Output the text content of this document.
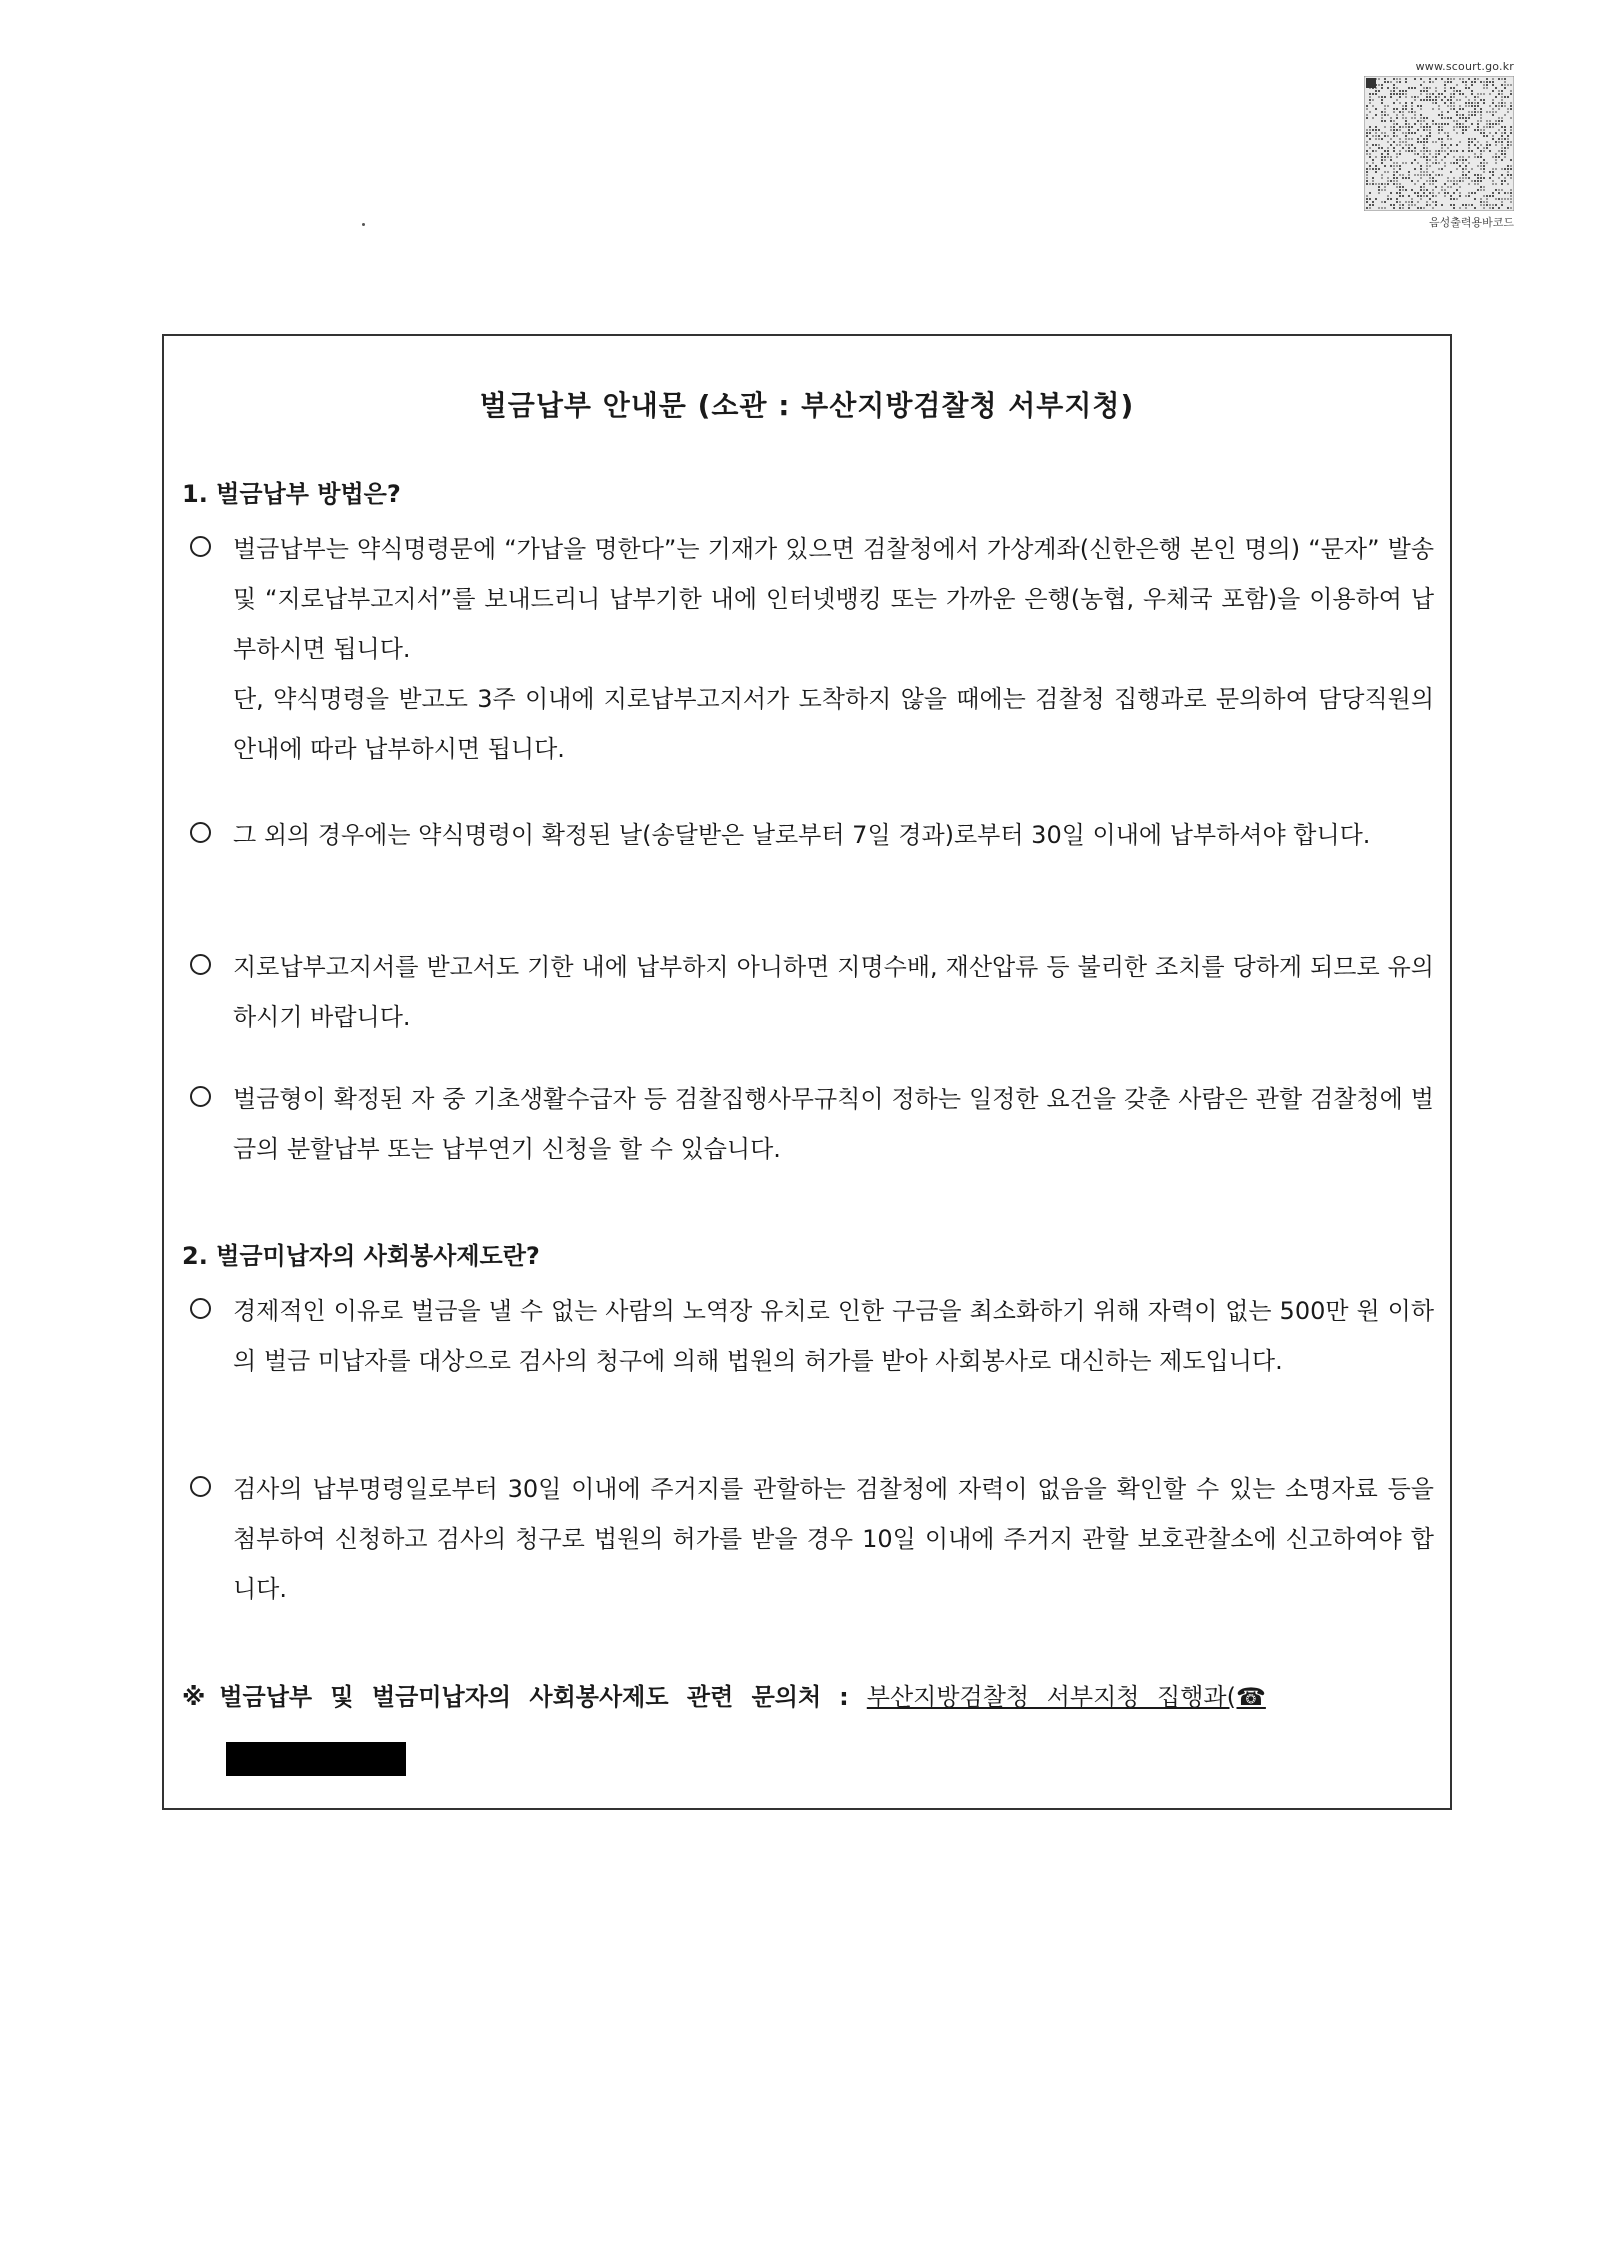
www.scourt.go.kr
음성출력용바코드
벌금납부 안내문 (소관 : 부산지방검찰청 서부지청)
1. 벌금납부 방법은?

벌금납부는 약식명령문에 “가납을 명한다”는 기재가 있으면 검찰청에서 가상계좌(신한은행 본인 명의) “문자” 발송 및 “지로납부고지서”를 보내드리니 납부기한 내에 인터넷뱅킹 또는 가까운 은행(농협, 우체국 포함)을 이용하여 납부하시면 됩니다.

단, 약식명령을 받고도 3주 이내에 지로납부고지서가 도착하지 않을 때에는 검찰청 집행과로 문의하여 담당직원의 안내에 따라 납부하시면 됩니다.

그 외의 경우에는 약식명령이 확정된 날(송달받은 날로부터 7일 경과)로부터 30일 이내에 납부하셔야 합니다.

지로납부고지서를 받고서도 기한 내에 납부하지 아니하면 지명수배, 재산압류 등 불리한 조치를 당하게 되므로 유의하시기 바랍니다.

벌금형이 확정된 자 중 기초생활수급자 등 검찰집행사무규칙이 정하는 일정한 요건을 갖춘 사람은 관할 검찰청에 벌금의 분할납부 또는 납부연기 신청을 할 수 있습니다.

2. 벌금미납자의 사회봉사제도란?

경제적인 이유로 벌금을 낼 수 없는 사람의 노역장 유치로 인한 구금을 최소화하기 위해 자력이 없는 500만 원 이하의 벌금 미납자를 대상으로 검사의 청구에 의해 법원의 허가를 받아 사회봉사로 대신하는 제도입니다.

검사의 납부명령일로부터 30일 이내에 주거지를 관할하는 검찰청에 자력이 없음을 확인할 수 있는 소명자료 등을 첨부하여 신청하고 검사의 청구로 법원의 허가를 받을 경우 10일 이내에 주거지 관할 보호관찰소에 신고하여야 합니다.

※ 벌금납부 및 벌금미납자의 사회봉사제도 관련 문의처 : 부산지방검찰청 서부지청 집행과(☎
